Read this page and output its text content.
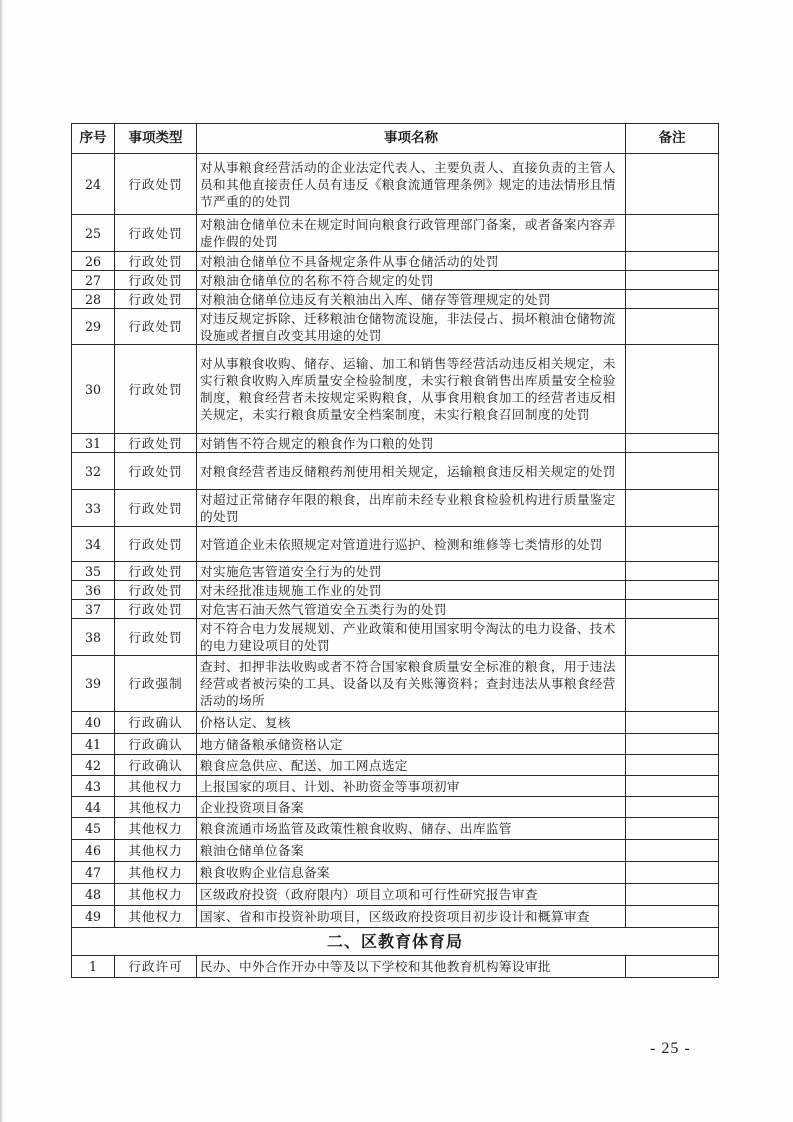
序号	事项类型	事项名称	备注
24	行政处罚	对从事粮食经营活动的企业法定代表人、主要负责人、直接负责的主管人员和其他直接责任人员有违反《粮食流通管理条例》规定的违法情形且情节严重的的处罚	
25	行政处罚	对粮油仓储单位未在规定时间向粮食行政管理部门备案，或者备案内容弄虚作假的处罚	
26	行政处罚	对粮油仓储单位不具备规定条件从事仓储活动的处罚	
27	行政处罚	对粮油仓储单位的名称不符合规定的处罚	
28	行政处罚	对粮油仓储单位违反有关粮油出入库、储存等管理规定的处罚	
29	行政处罚	对违反规定拆除、迁移粮油仓储物流设施，非法侵占、损坏粮油仓储物流设施或者擅自改变其用途的处罚	
30	行政处罚	对从事粮食收购、储存、运输、加工和销售等经营活动违反相关规定，未实行粮食收购入库质量安全检验制度，未实行粮食销售出库质量安全检验制度，粮食经营者未按规定采购粮食，从事食用粮食加工的经营者违反相关规定，未实行粮食质量安全档案制度，未实行粮食召回制度的处罚	
31	行政处罚	对销售不符合规定的粮食作为口粮的处罚	
32	行政处罚	对粮食经营者违反储粮药剂使用相关规定，运输粮食违反相关规定的处罚	
33	行政处罚	对超过正常储存年限的粮食，出库前未经专业粮食检验机构进行质量鉴定的处罚	
34	行政处罚	对管道企业未依照规定对管道进行巡护、检测和维修等七类情形的处罚	
35	行政处罚	对实施危害管道安全行为的处罚	
36	行政处罚	对未经批准违规施工作业的处罚	
37	行政处罚	对危害石油天然气管道安全五类行为的处罚	
38	行政处罚	对不符合电力发展规划、产业政策和使用国家明令淘汰的电力设备、技术的电力建设项目的处罚	
39	行政强制	查封、扣押非法收购或者不符合国家粮食质量安全标准的粮食，用于违法经营或者被污染的工具、设备以及有关账簿资料；查封违法从事粮食经营活动的场所	
40	行政确认	价格认定、复核	
41	行政确认	地方储备粮承储资格认定	
42	行政确认	粮食应急供应、配送、加工网点选定	
43	其他权力	上报国家的项目、计划、补助资金等事项初审	
44	其他权力	企业投资项目备案	
45	其他权力	粮食流通市场监管及政策性粮食收购、储存、出库监管	
46	其他权力	粮油仓储单位备案	
47	其他权力	粮食收购企业信息备案	
48	其他权力	区级政府投资（政府限内）项目立项和可行性研究报告审查	
49	其他权力	国家、省和市投资补助项目，区级政府投资项目初步设计和概算审查	
二、区教育体育局			
1	行政许可	民办、中外合作开办中等及以下学校和其他教育机构筹设审批	
- 25 -
